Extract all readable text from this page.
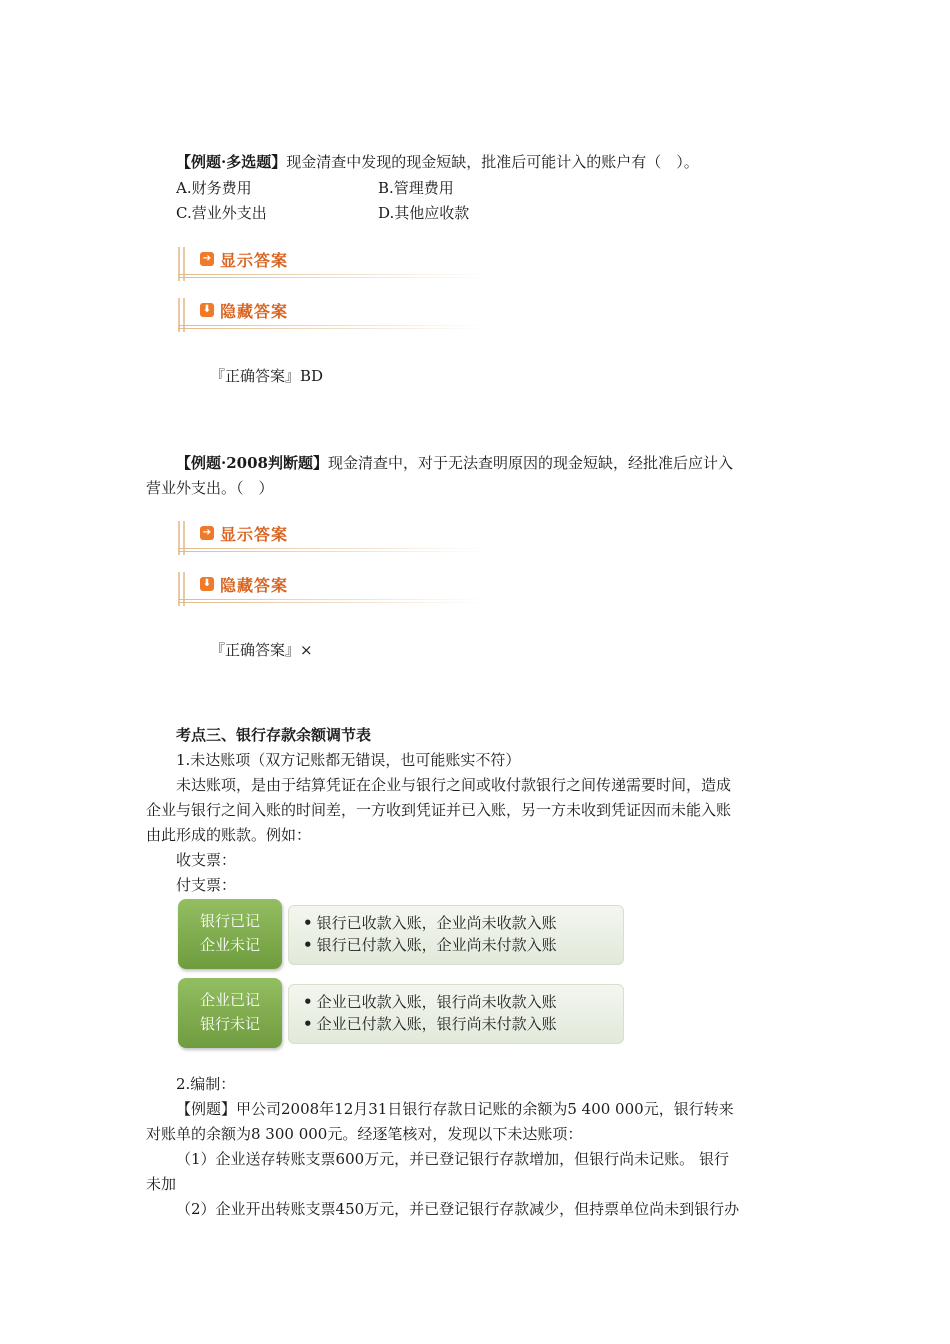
【例题·多选题】现金清查中发现的现金短缺，批准后可能计入的账户有（　）。
A.财务费用	B.管理费用
C.营业外支出	D.其他应收款
➔ 显示答案
⬇ 隐藏答案
『正确答案』BD
【例题·2008判断题】现金清查中，对于无法查明原因的现金短缺，经批准后应计入
营业外支出。（　）
➔ 显示答案
⬇ 隐藏答案
『正确答案』×
考点三、银行存款余额调节表
1.未达账项（双方记账都无错误，也可能账实不符）
未达账项，是由于结算凭证在企业与银行之间或收付款银行之间传递需要时间，造成
企业与银行之间入账的时间差，一方收到凭证并已入账，另一方未收到凭证因而未能入账
由此形成的账款。例如：
收支票：
付支票：
银行已记
企业未记
• 银行已收款入账，企业尚未收款入账
• 银行已付款入账，企业尚未付款入账
企业已记
银行未记
• 企业已收款入账，银行尚未收款入账
• 企业已付款入账，银行尚未付款入账
2.编制：
【例题】甲公司2008年12月31日银行存款日记账的余额为5 400 000元，银行转来
对账单的余额为8 300 000元。经逐笔核对，发现以下未达账项：
（1）企业送存转账支票600万元，并已登记银行存款增加，但银行尚未记账。 银行
未加
（2）企业开出转账支票450万元，并已登记银行存款减少，但持票单位尚未到银行办
